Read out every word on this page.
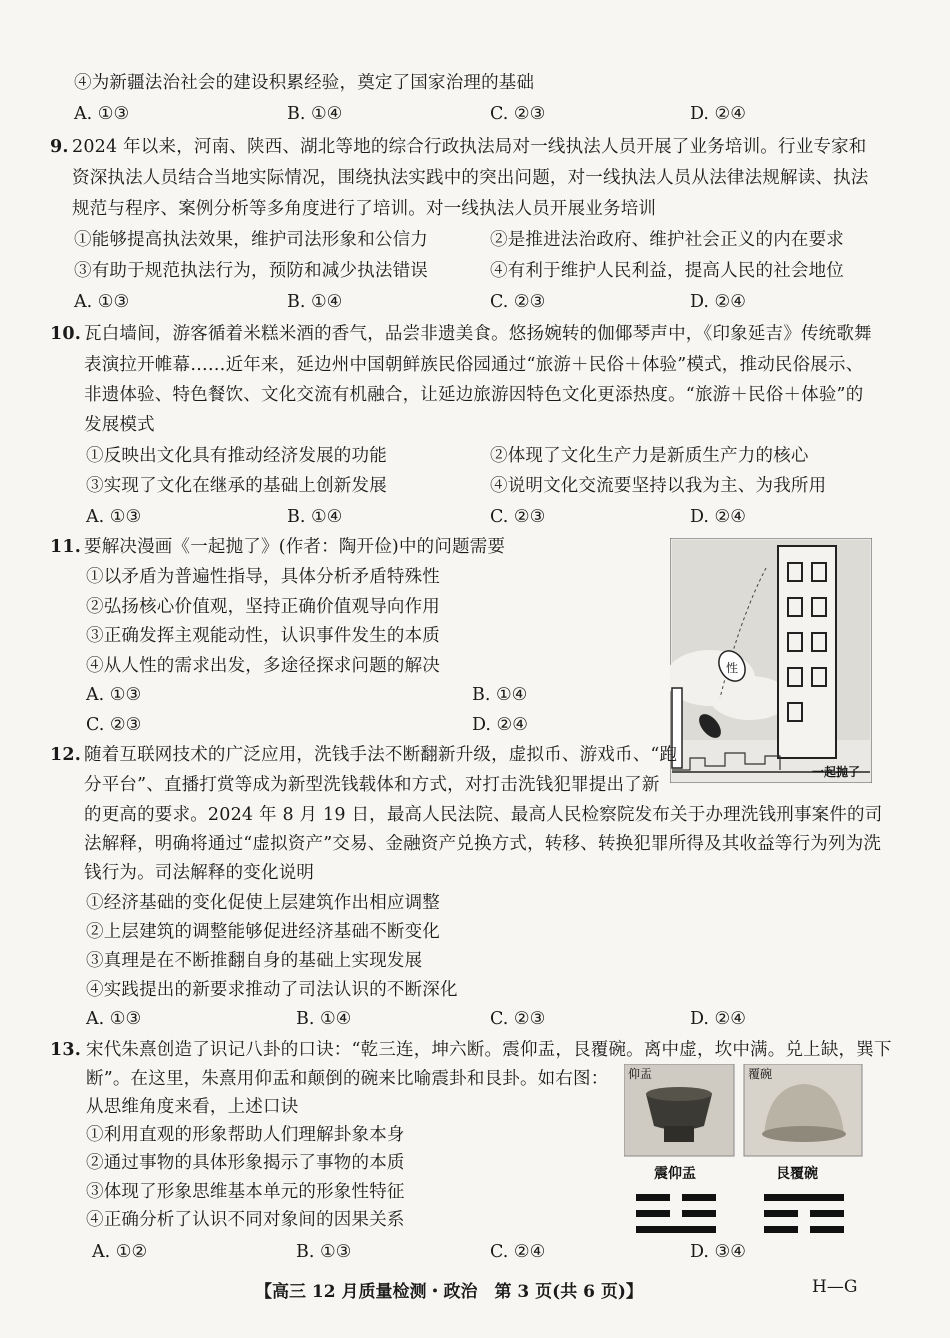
④为新疆法治社会的建设积累经验，奠定了国家治理的基础
A. ①③	B. ①④	C. ②③	D. ②④
9. 2024 年以来，河南、陕西、湖北等地的综合行政执法局对一线执法人员开展了业务培训。行业专家和
资深执法人员结合当地实际情况，围绕执法实践中的突出问题，对一线执法人员从法律法规解读、执法
规范与程序、案例分析等多角度进行了培训。对一线执法人员开展业务培训
①能够提高执法效果，维护司法形象和公信力	②是推进法治政府、维护社会正义的内在要求
③有助于规范执法行为，预防和减少执法错误	④有利于维护人民利益，提高人民的社会地位
A. ①③	B. ①④	C. ②③	D. ②④
10. 瓦白墙间，游客循着米糕米酒的香气，品尝非遗美食。悠扬婉转的伽倻琴声中，《印象延吉》传统歌舞
表演拉开帷幕……近年来，延边州中国朝鲜族民俗园通过“旅游＋民俗＋体验”模式，推动民俗展示、
非遗体验、特色餐饮、文化交流有机融合，让延边旅游因特色文化更添热度。“旅游＋民俗＋体验”的
发展模式
①反映出文化具有推动经济发展的功能	②体现了文化生产力是新质生产力的核心
③实现了文化在继承的基础上创新发展	④说明文化交流要坚持以我为主、为我所用
A. ①③	B. ①④	C. ②③	D. ②④
11. 要解决漫画《一起抛了》(作者：陶开俭)中的问题需要
①以矛盾为普遍性指导，具体分析矛盾特殊性
②弘扬核心价值观，坚持正确价值观导向作用
③正确发挥主观能动性，认识事件发生的本质
④从人性的需求出发，多途径探求问题的解决
A. ①③	B. ①④
C. ②③	D. ②④
性
一起抛了
12. 随着互联网技术的广泛应用，洗钱手法不断翻新升级，虚拟币、游戏币、“跑
分平台”、直播打赏等成为新型洗钱载体和方式，对打击洗钱犯罪提出了新
的更高的要求。2024 年 8 月 19 日，最高人民法院、最高人民检察院发布关于办理洗钱刑事案件的司
法解释，明确将通过“虚拟资产”交易、金融资产兑换方式，转移、转换犯罪所得及其收益等行为列为洗
钱行为。司法解释的变化说明
①经济基础的变化促使上层建筑作出相应调整
②上层建筑的调整能够促进经济基础不断变化
③真理是在不断推翻自身的基础上实现发展
④实践提出的新要求推动了司法认识的不断深化
A. ①③	B. ①④	C. ②③	D. ②④
13. 宋代朱熹创造了识记八卦的口诀：“乾三连，坤六断。震仰盂，艮覆碗。离中虚，坎中满。兑上缺，巽下
断”。在这里，朱熹用仰盂和颠倒的碗来比喻震卦和艮卦。如右图：
从思维角度来看，上述口诀
①利用直观的形象帮助人们理解卦象本身
②通过事物的具体形象揭示了事物的本质
③体现了形象思维基本单元的形象性特征
④正确分析了认识不同对象间的因果关系
A. ①②	B. ①③	C. ②④	D. ③④
仰盂	覆碗
震仰盂	艮覆碗
【高三 12 月质量检测・政治　第 3 页(共 6 页)】	H—G
